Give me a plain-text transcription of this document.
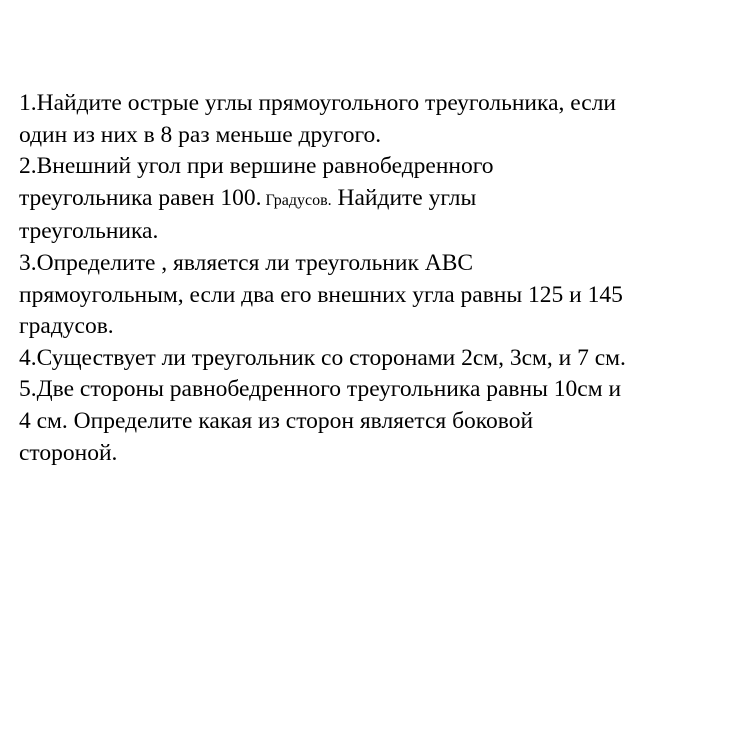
1.Найдите острые углы прямоугольного треугольника, если
один из них в 8 раз меньше другого.
2.Внешний угол при вершине равнобедренного
треугольника равен 100. Градусов. Найдите углы
треугольника.
3.Определите , является ли треугольник ABC
прямоугольным, если два его внешних угла равны 125 и 145
градусов.
4.Существует ли треугольник со сторонами 2см, 3см, и 7 см.
5.Две стороны равнобедренного треугольника равны 10см и
4 см. Определите какая из сторон является боковой
стороной.
